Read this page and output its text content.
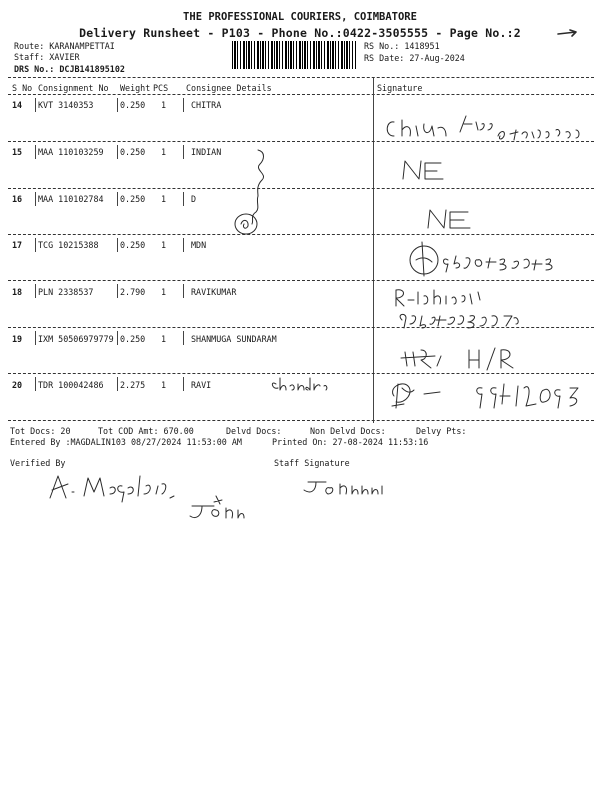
THE PROFESSIONAL COURIERS, COIMBATORE
Delivery Runsheet - P103 - Phone No.:0422-3505555 - Page No.:2
Route: KARANAMPETTAI
Staff: XAVIER
DRS No.: DCJB141895102
RS No.: 1418951
RS Date: 27-Aug-2024
S No Consignment No Weight PCS Consignee Details	Signature
14 KVT 3140353	0.250 1	CHITRA
15 MAA 110103259 0.250 1	INDIAN
16 MAA 110102784 0.250 1	D
17 TCG 10215388	0.250 1	MDN
18 PLN 2338537	2.790 1	RAVIKUMAR
19 IXM 50506979779 0.250 1	SHANMUGA SUNDARAM
20 TDR 100042486 2.275 1	RAVI
Tot Docs: 20	Tot COD Amt: 670.00	Delvd Docs:	Non Delvd Docs:	Delvy Pts:
Entered By :MAGDALIN103 08/27/2024 11:53:00 AM	Printed On: 27-08-2024 11:53:16
Verified By	Staff Signature
